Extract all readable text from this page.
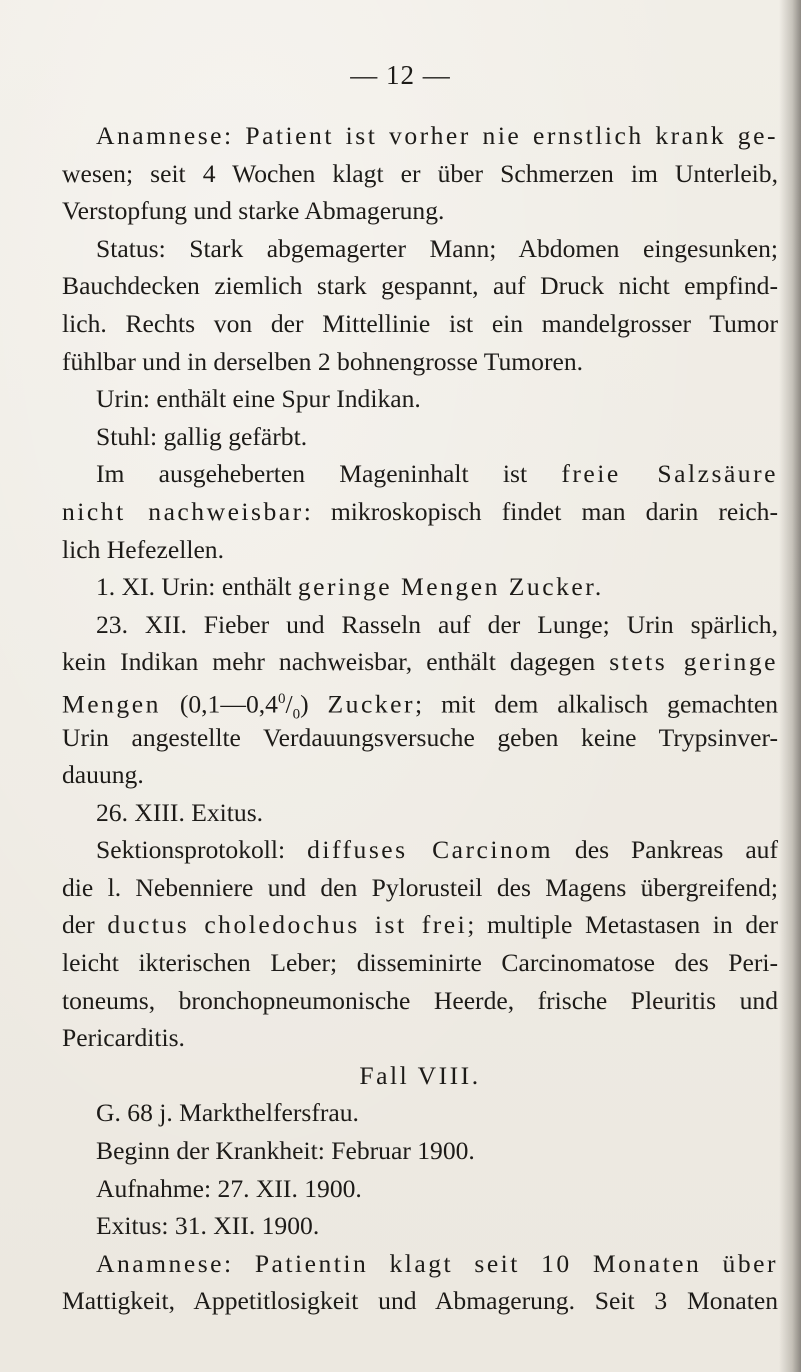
— 12 —
Anamnese: Patient ist vorher nie ernstlich krank ge-
wesen; seit 4 Wochen klagt er über Schmerzen im Unterleib,
Verstopfung und starke Abmagerung.
Status: Stark abgemagerter Mann; Abdomen eingesunken;
Bauchdecken ziemlich stark gespannt, auf Druck nicht empfind-
lich. Rechts von der Mittellinie ist ein mandelgrosser Tumor
fühlbar und in derselben 2 bohnengrosse Tumoren.
Urin: enthält eine Spur Indikan.
Stuhl: gallig gefärbt.
Im ausgeheberten Mageninhalt ist freie Salzsäure
nicht nachweisbar: mikroskopisch findet man darin reich-
lich Hefezellen.
1. XI. Urin: enthält geringe Mengen Zucker.
23. XII. Fieber und Rasseln auf der Lunge; Urin spärlich,
kein Indikan mehr nachweisbar, enthält dagegen stets geringe
Mengen $(0,1—0,4^0/_0)$ Zucker; mit dem alkalisch gemachten
Urin angestellte Verdauungsversuche geben keine Trypsinver-
dauung.
26. XIII. Exitus.
Sektionsprotokoll: diffuses Carcinom des Pankreas auf
die l. Nebenniere und den Pylorusteil des Magens übergreifend;
der ductus choledochus ist frei; multiple Metastasen in der
leicht ikterischen Leber; disseminirte Carcinomatose des Peri-
toneums, bronchopneumonische Heerde, frische Pleuritis und
Pericarditis.
Fall VIII.
G. 68 j. Markthelfersfrau.
Beginn der Krankheit: Februar 1900.
Aufnahme: 27. XII. 1900.
Exitus: 31. XII. 1900.
Anamnese: Patientin klagt seit 10 Monaten über
Mattigkeit, Appetitlosigkeit und Abmagerung. Seit 3 Monaten
